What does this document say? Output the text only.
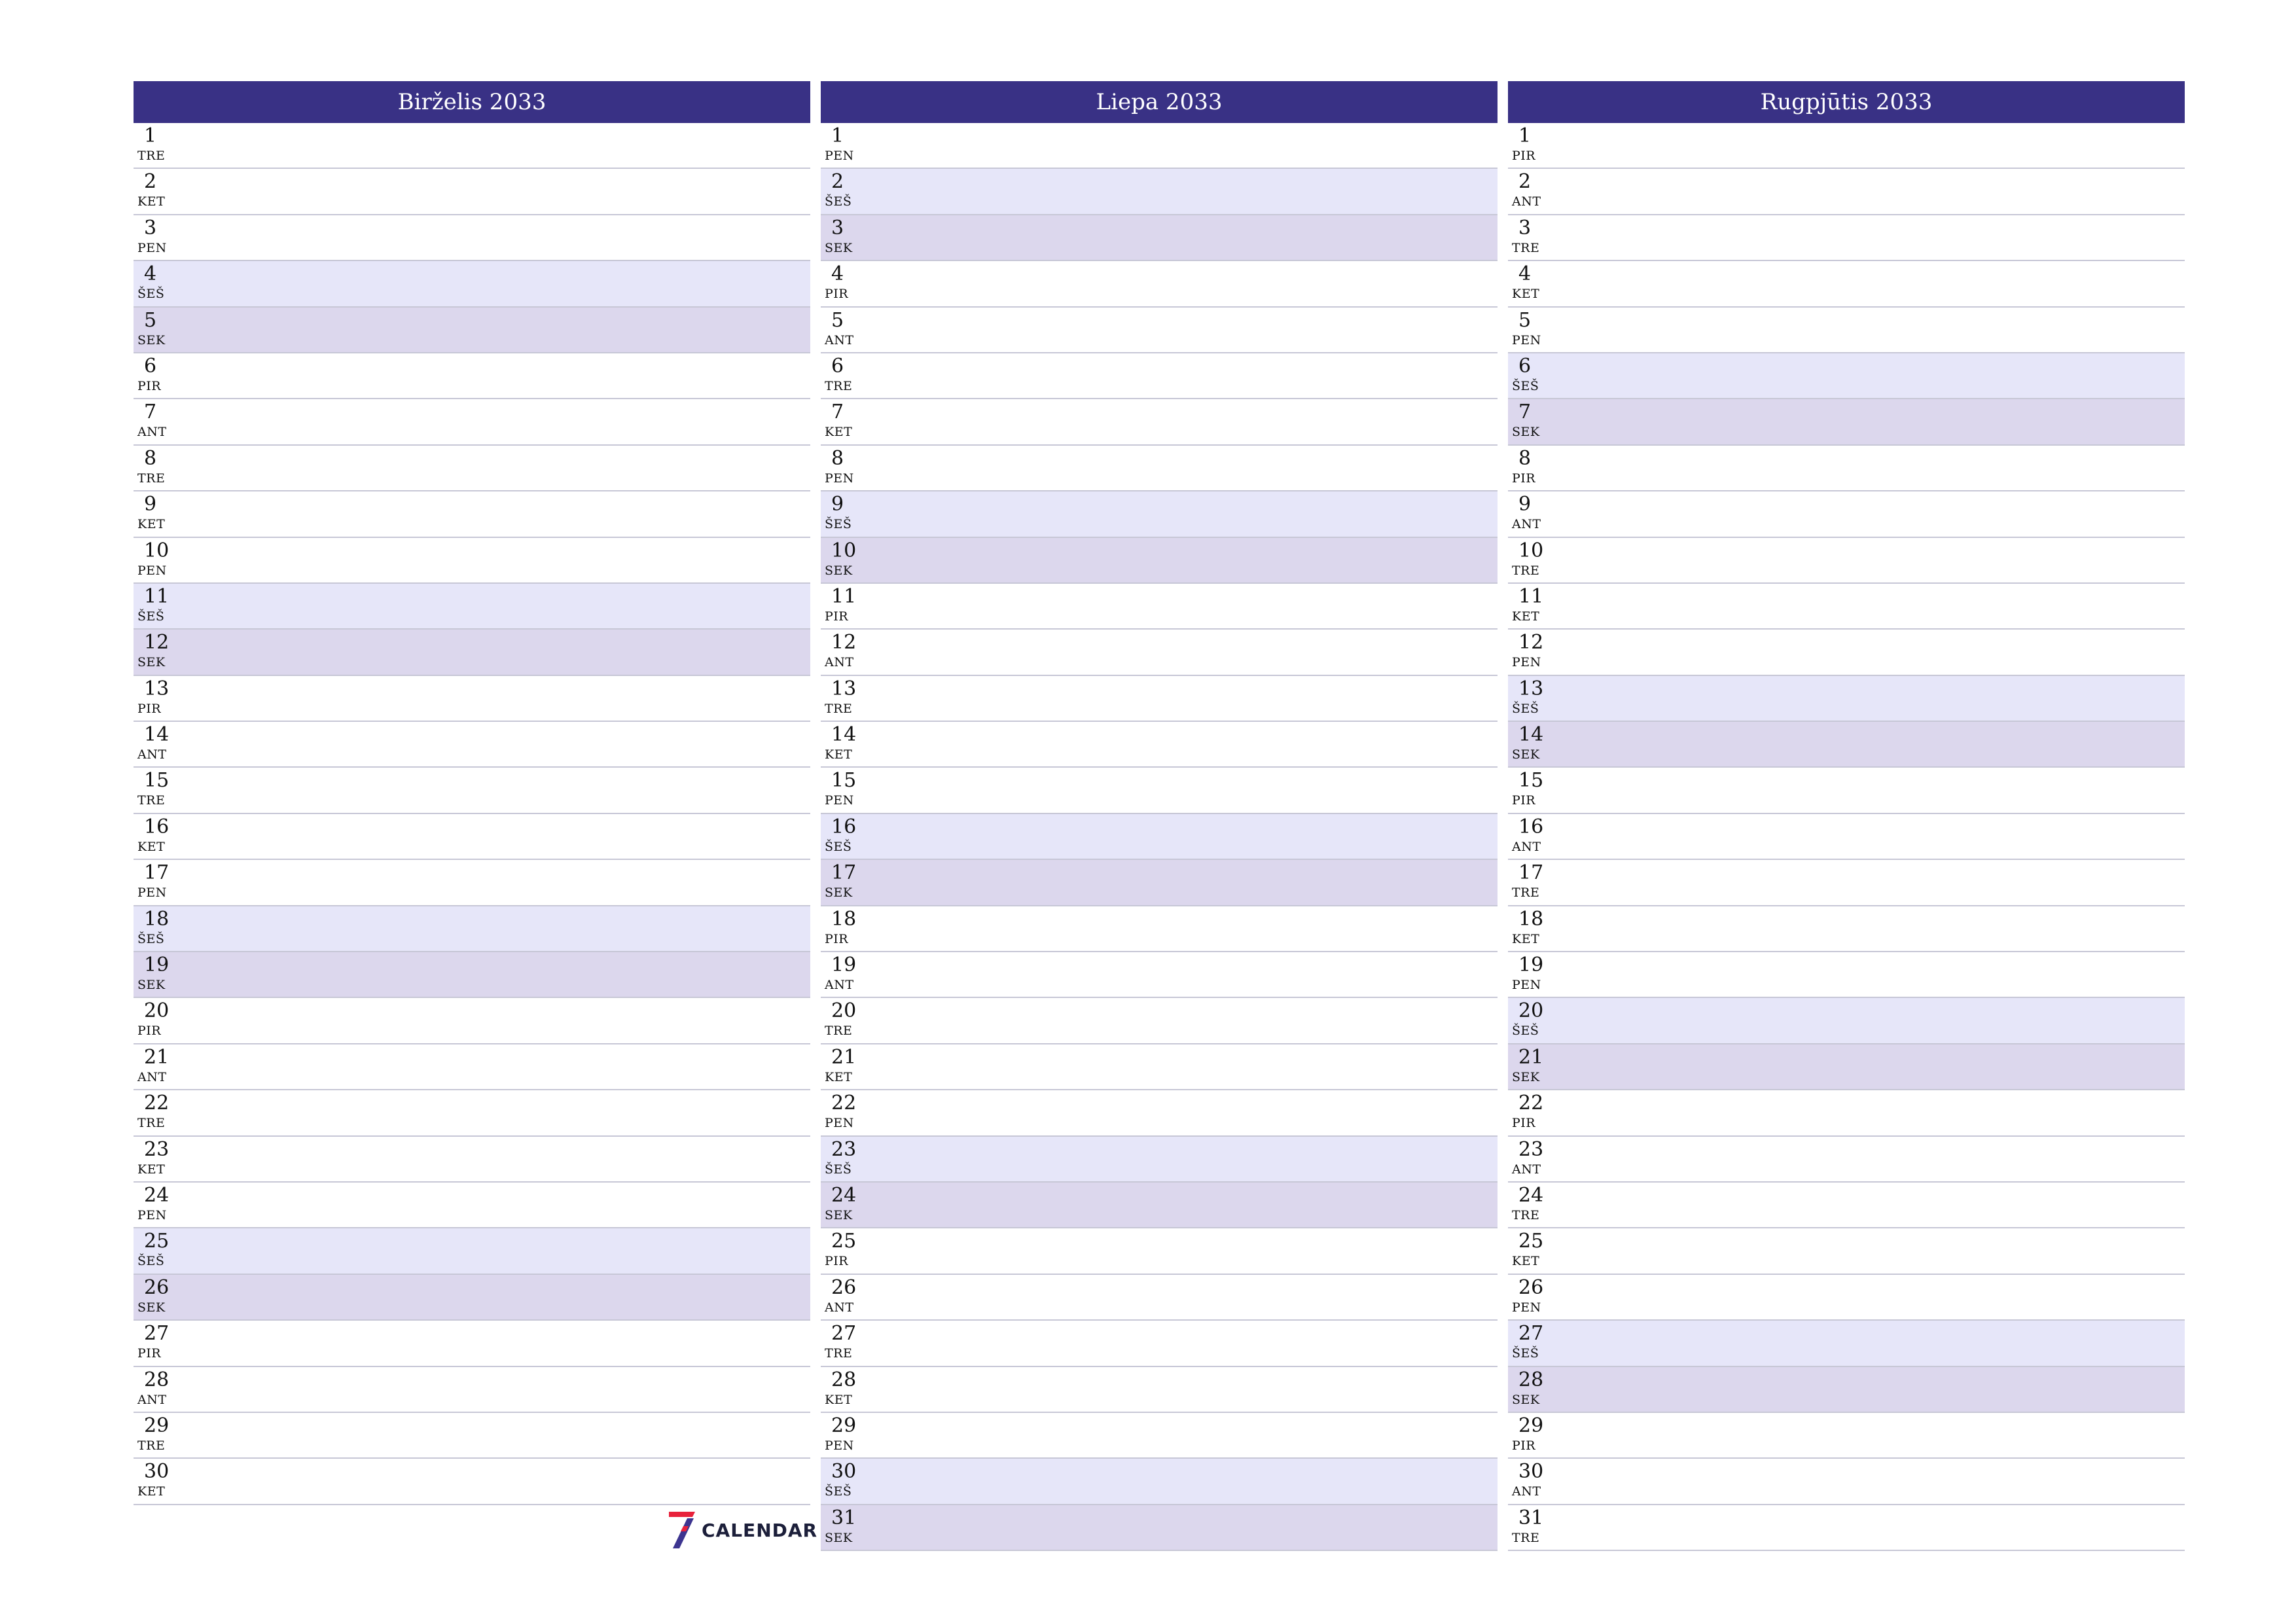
Birželis 2033
1
TRE
2
KET
3
PEN
4
ŠEŠ
5
SEK
6
PIR
7
ANT
8
TRE
9
KET
10
PEN
11
ŠEŠ
12
SEK
13
PIR
14
ANT
15
TRE
16
KET
17
PEN
18
ŠEŠ
19
SEK
20
PIR
21
ANT
22
TRE
23
KET
24
PEN
25
ŠEŠ
26
SEK
27
PIR
28
ANT
29
TRE
30
KET
Liepa 2033
1
PEN
2
ŠEŠ
3
SEK
4
PIR
5
ANT
6
TRE
7
KET
8
PEN
9
ŠEŠ
10
SEK
11
PIR
12
ANT
13
TRE
14
KET
15
PEN
16
ŠEŠ
17
SEK
18
PIR
19
ANT
20
TRE
21
KET
22
PEN
23
ŠEŠ
24
SEK
25
PIR
26
ANT
27
TRE
28
KET
29
PEN
30
ŠEŠ
31
SEK
Rugpjūtis 2033
1
PIR
2
ANT
3
TRE
4
KET
5
PEN
6
ŠEŠ
7
SEK
8
PIR
9
ANT
10
TRE
11
KET
12
PEN
13
ŠEŠ
14
SEK
15
PIR
16
ANT
17
TRE
18
KET
19
PEN
20
ŠEŠ
21
SEK
22
PIR
23
ANT
24
TRE
25
KET
26
PEN
27
ŠEŠ
28
SEK
29
PIR
30
ANT
31
TRE
CALENDAR
